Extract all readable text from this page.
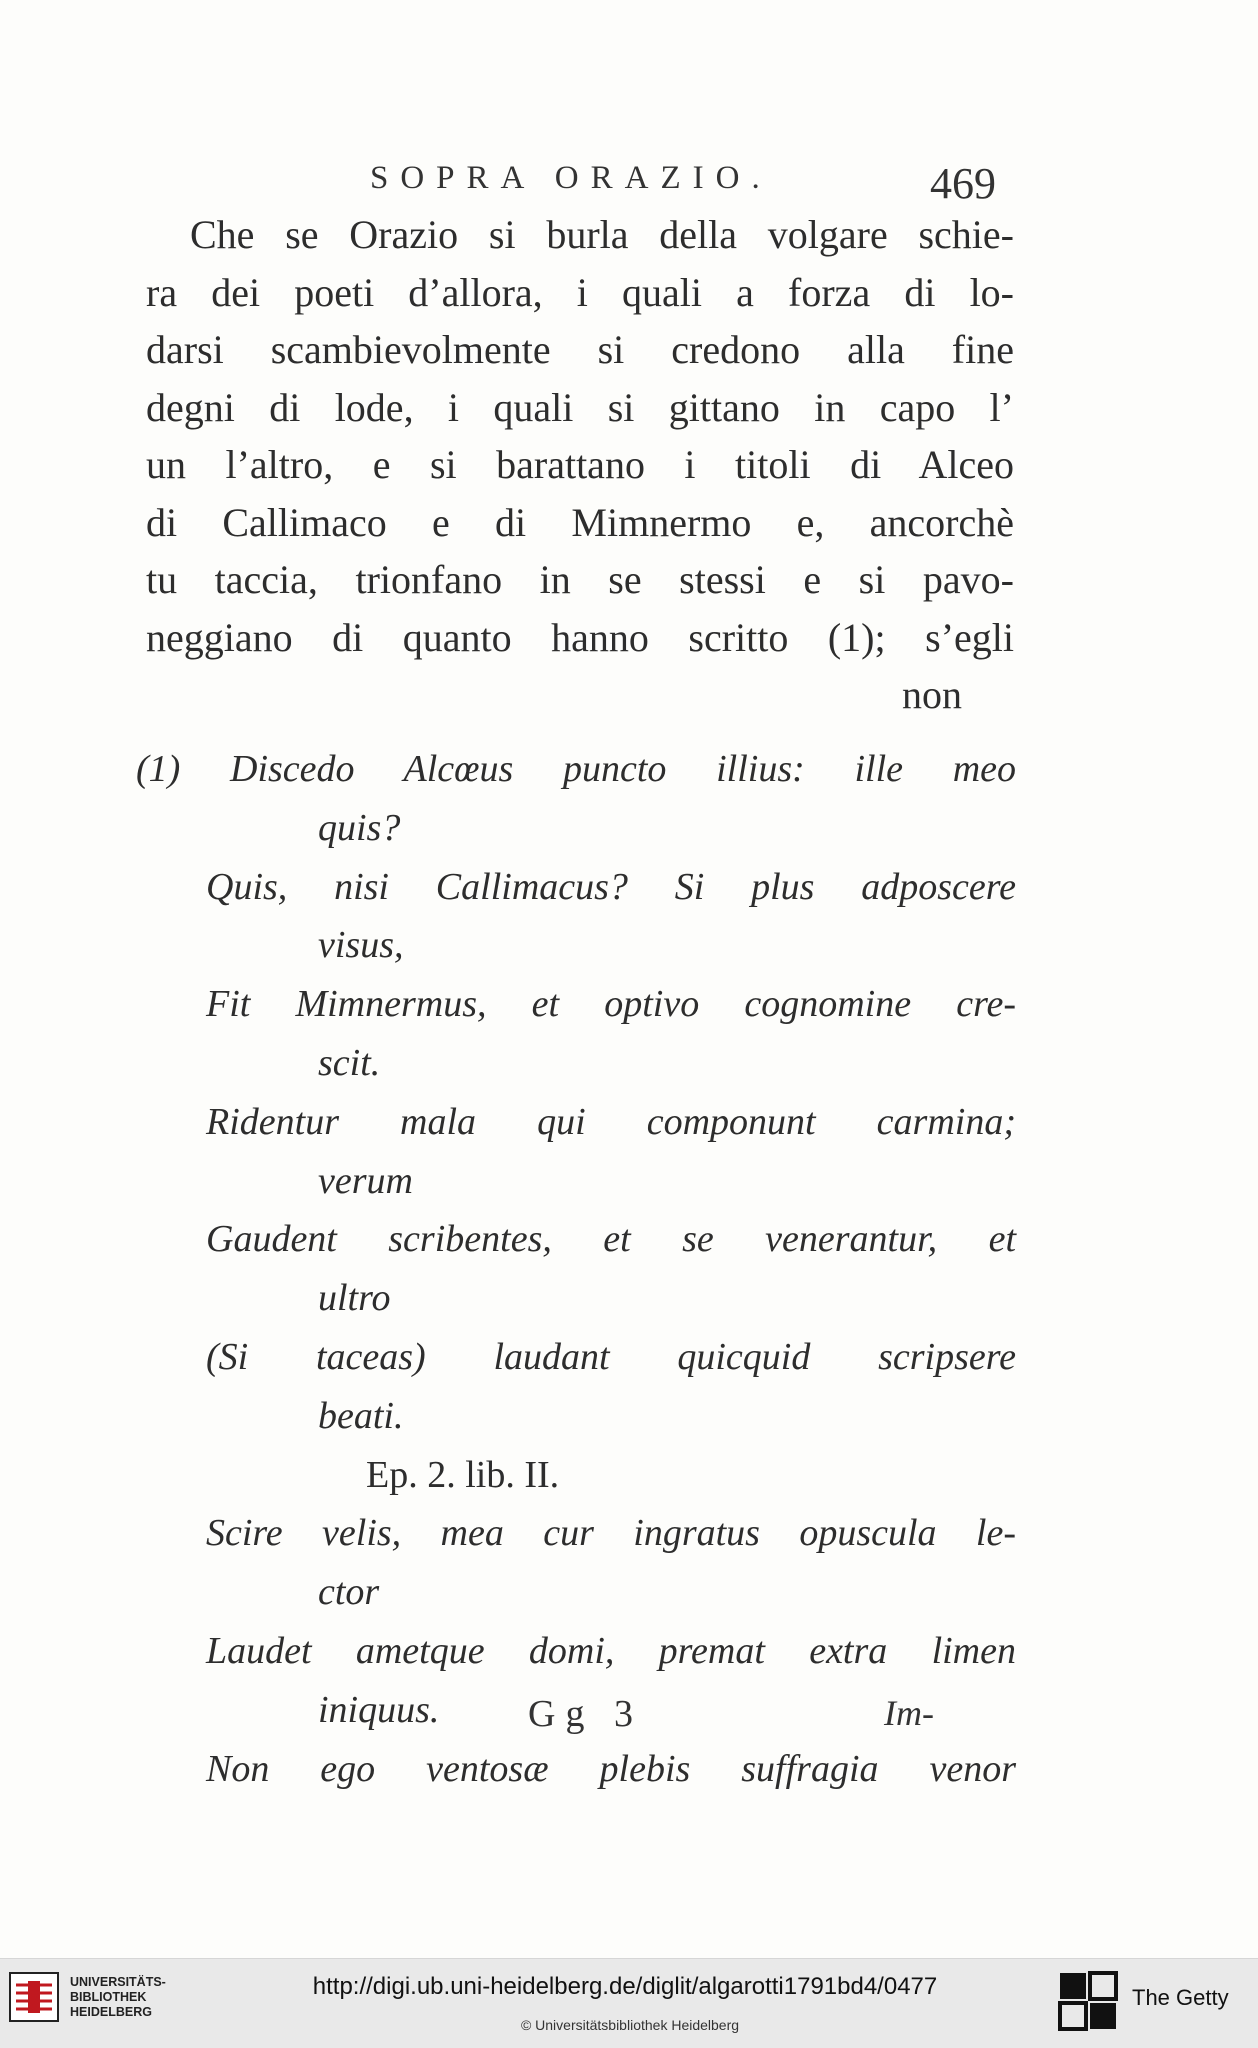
SOPRA ORAZIO.	469
Che se Orazio si burla della volgare schie-
ra dei poeti d’allora, i quali a forza di lo-
darsi scambievolmente si credono alla fine
degni di lode, i quali si gittano in capo l’
un l’altro, e si barattano i titoli di Alceo
di Callimaco e di Mimnermo e, ancorchè
tu taccia, trionfano in se stessi e si pavo-
neggiano di quanto hanno scritto (1); s’egli
non
(1) Discedo Alcœus puncto illius: ille meo
quis?
Quis, nisi Callimacus? Si plus adposcere
visus,
Fit Mimnermus, et optivo cognomine cre-
scit.
Ridentur mala qui componunt carmina;
verum
Gaudent scribentes, et se venerantur, et
ultro
(Si taceas) laudant quicquid scripsere
beati.
Ep. 2. lib. II.
Scire velis, mea cur ingratus opuscula le-
ctor
Laudet ametque domi, premat extra limen
iniquus.
Non ego ventosæ plebis suffragia venor
Gg 3	Im-
UNIVERSITÄTS-
BIBLIOTHEK
HEIDELBERG
http://digi.ub.uni-heidelberg.de/diglit/algarotti1791bd4/0477
© Universitätsbibliothek Heidelberg
The Getty
